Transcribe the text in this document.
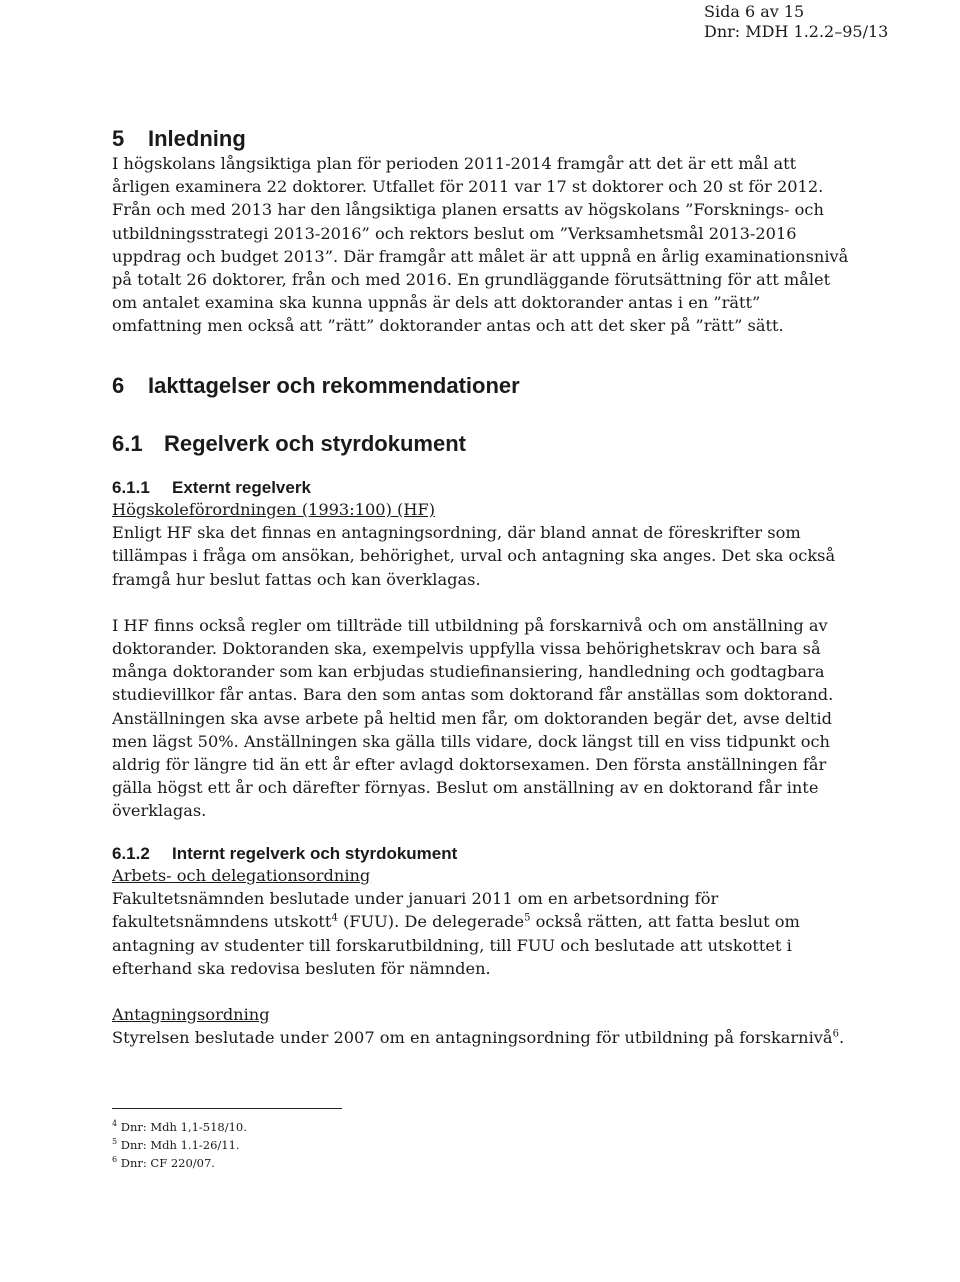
Sida 6 av 15
Dnr: MDH 1.2.2–95/13
5 Inledning

I högskolans långsiktiga plan för perioden 2011-2014 framgår att det är ett mål att årligen examinera 22 doktorer. Utfallet för 2011 var 17 st doktorer och 20 st för 2012. Från och med 2013 har den långsiktiga planen ersatts av högskolans ”Forsknings- och utbildningsstrategi 2013-2016” och rektors beslut om ”Verksamhetsmål 2013-2016 uppdrag och budget 2013”. Där framgår att målet är att uppnå en årlig examinationsnivå på totalt 26 doktorer, från och med 2016. En grundläggande förutsättning för att målet om antalet examina ska kunna uppnås är dels att doktorander antas i en ”rätt” omfattning men också att ”rätt” doktorander antas och att det sker på ”rätt” sätt.

6 Iakttagelser och rekommendationer
6.1 Regelverk och styrdokument
6.1.1 Externt regelverk

Högskoleförordningen (1993:100) (HF)

Enligt HF ska det finnas en antagningsordning, där bland annat de föreskrifter som tillämpas i fråga om ansökan, behörighet, urval och antagning ska anges. Det ska också framgå hur beslut fattas och kan överklagas.

I HF finns också regler om tillträde till utbildning på forskarnivå och om anställning av doktorander. Doktoranden ska, exempelvis uppfylla vissa behörighetskrav och bara så många doktorander som kan erbjudas studiefinansiering, handledning och godtagbara studievillkor får antas. Bara den som antas som doktorand får anställas som doktorand. Anställningen ska avse arbete på heltid men får, om doktoranden begär det, avse deltid men lägst 50%. Anställningen ska gälla tills vidare, dock längst till en viss tidpunkt och aldrig för längre tid än ett år efter avlagd doktorsexamen. Den första anställningen får gälla högst ett år och därefter förnyas. Beslut om anställning av en doktorand får inte överklagas.

6.1.2 Internt regelverk och styrdokument

Arbets- och delegationsordning

Fakultetsnämnden beslutade under januari 2011 om en arbetsordning för fakultetsnämndens utskott$^4$ (FUU). De delegerade$^5$ också rätten, att fatta beslut om antagning av studenter till forskarutbildning, till FUU och beslutade att utskottet i efterhand ska redovisa besluten för nämnden.

Antagningsordning

Styrelsen beslutade under 2007 om en antagningsordning för utbildning på forskarnivå$^6$.

$^4$ Dnr: Mdh 1,1-518/10.
$^5$ Dnr: Mdh 1.1-26/11.
$^6$ Dnr: CF 220/07.
